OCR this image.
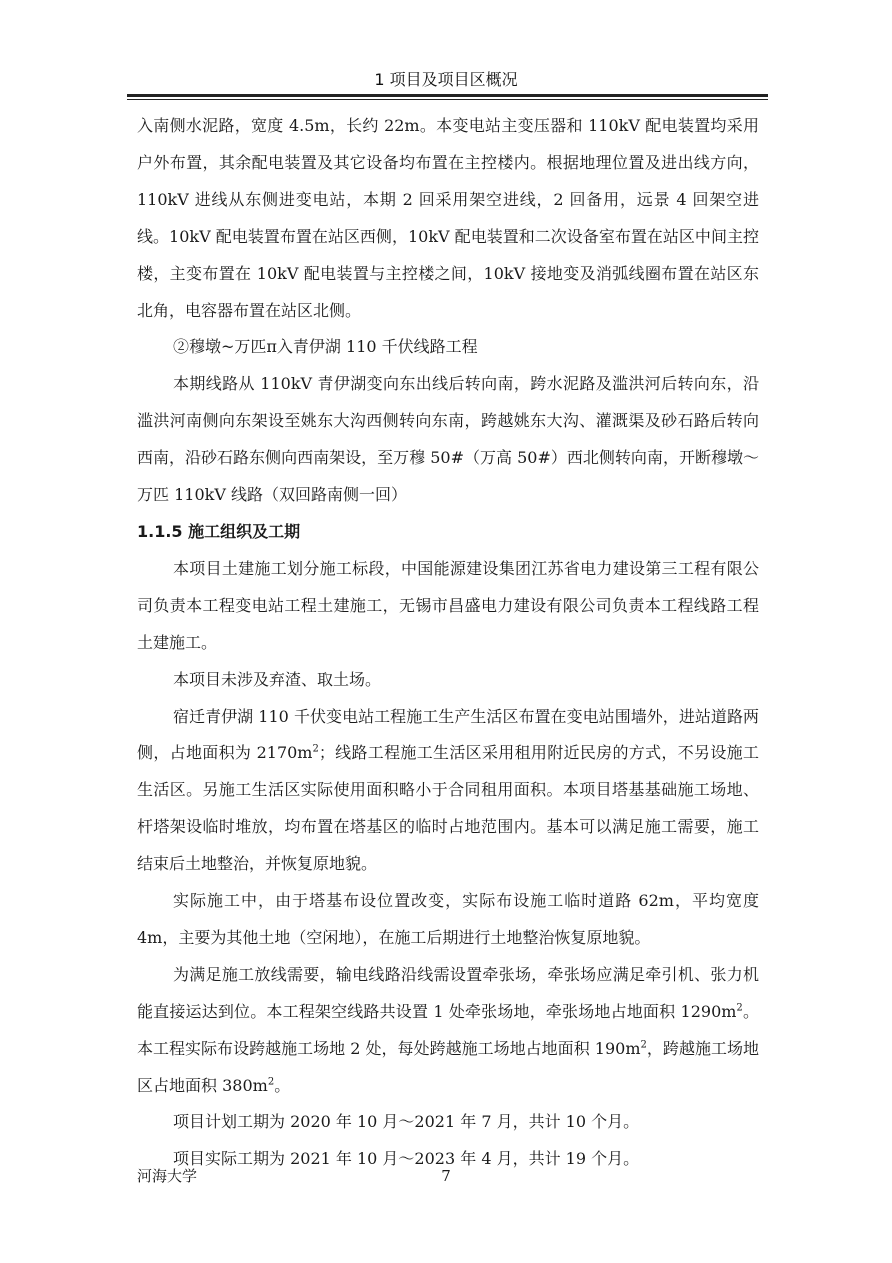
1 项目及项目区概况

入南侧水泥路，宽度 4.5m，长约 22m。本变电站主变压器和 110kV 配电装置均采用户外布置，其余配电装置及其它设备均布置在主控楼内。根据地理位置及进出线方向，110kV 进线从东侧进变电站，本期 2 回采用架空进线，2 回备用，远景 4 回架空进线。10kV 配电装置布置在站区西侧，10kV 配电装置和二次设备室布置在站区中间主控楼，主变布置在 10kV 配电装置与主控楼之间，10kV 接地变及消弧线圈布置在站区东北角，电容器布置在站区北侧。

②穆墩~万匹π入青伊湖 110 千伏线路工程

本期线路从 110kV 青伊湖变向东出线后转向南，跨水泥路及滥洪河后转向东，沿滥洪河南侧向东架设至姚东大沟西侧转向东南，跨越姚东大沟、灌溉渠及砂石路后转向西南，沿砂石路东侧向西南架设，至万穆 50#（万高 50#）西北侧转向南，开断穆墩～万匹 110kV 线路（双回路南侧一回）

1.1.5 施工组织及工期

本项目土建施工划分施工标段，中国能源建设集团江苏省电力建设第三工程有限公司负责本工程变电站工程土建施工，无锡市昌盛电力建设有限公司负责本工程线路工程土建施工。

本项目未涉及弃渣、取土场。

宿迁青伊湖 110 千伏变电站工程施工生产生活区布置在变电站围墙外，进站道路两侧，占地面积为 $2170m^2$；线路工程施工生活区采用租用附近民房的方式，不另设施工生活区。另施工生活区实际使用面积略小于合同租用面积。本项目塔基基础施工场地、杆塔架设临时堆放，均布置在塔基区的临时占地范围内。基本可以满足施工需要，施工结束后土地整治，并恢复原地貌。

实际施工中，由于塔基布设位置改变，实际布设施工临时道路 62m，平均宽度 4m，主要为其他土地（空闲地），在施工后期进行土地整治恢复原地貌。

为满足施工放线需要，输电线路沿线需设置牵张场，牵张场应满足牵引机、张力机能直接运达到位。本工程架空线路共设置 1 处牵张场地，牵张场地占地面积 $1290m^2$。本工程实际布设跨越施工场地 2 处，每处跨越施工场地占地面积 $190m^2$，跨越施工场地区占地面积 $380m^2$。

项目计划工期为 2020 年 10 月～2021 年 7 月，共计 10 个月。

项目实际工期为 2021 年 10 月～2023 年 4 月，共计 19 个月。

河海大学	7
